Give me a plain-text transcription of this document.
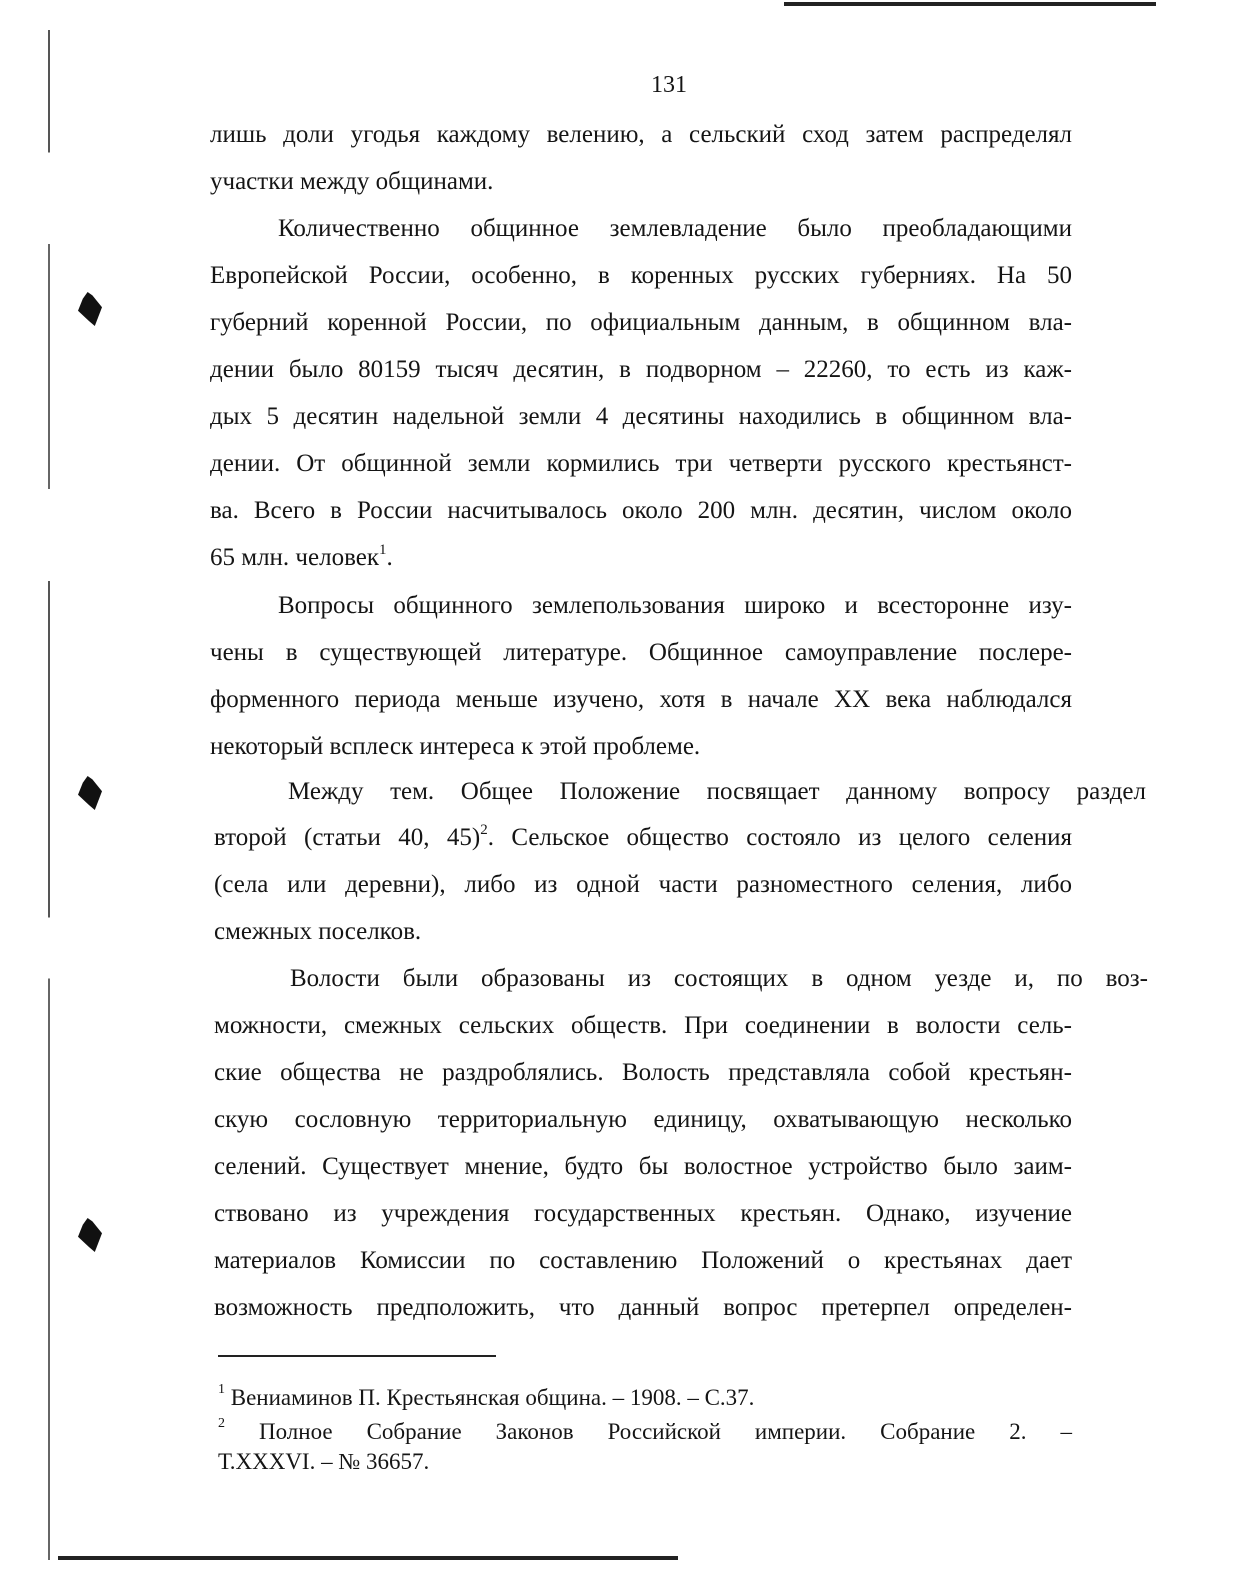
131
лишь доли угодья каждому велению, а сельский сход затем распределял
участки между общинами.
Количественно общинное землевладение было преобладающими
Европейской России, особенно, в коренных русских губерниях. На 50
губерний коренной России, по официальным данным, в общинном вла-
дении было 80159 тысяч десятин, в подворном – 22260, то есть из каж-
дых 5 десятин надельной земли 4 десятины находились в общинном вла-
дении. От общинной земли кормились три четверти русского крестьянст-
ва. Всего в России насчитывалось около 200 млн. десятин, числом около
65 млн. человек$^1$.
Вопросы общинного землепользования широко и всесторонне изу-
чены в существующей литературе. Общинное самоуправление послере-
форменного периода меньше изучено, хотя в начале XX века наблюдался
некоторый всплеск интереса к этой проблеме.
Между тем. Общее Положение посвящает данному вопросу раздел
второй (статьи 40, 45)$^2$. Сельское общество состояло из целого селения
(села или деревни), либо из одной части разноместного селения, либо
смежных поселков.
Волости были образованы из состоящих в одном уезде и, по воз-
можности, смежных сельских обществ. При соединении в волости сель-
ские общества не раздроблялись. Волость представляла собой крестьян-
скую сословную территориальную единицу, охватывающую несколько
селений. Существует мнение, будто бы волостное устройство было заим-
ствовано из учреждения государственных крестьян. Однако, изучение
материалов Комиссии по составлению Положений о крестьянах дает
возможность предположить, что данный вопрос претерпел определен-
$^1$ Вениаминов П. Крестьянская община. – 1908. – С.37.
$^2$ Полное Собрание Законов Российской империи. Собрание 2. –
Т.XXXVI. – № 36657.
